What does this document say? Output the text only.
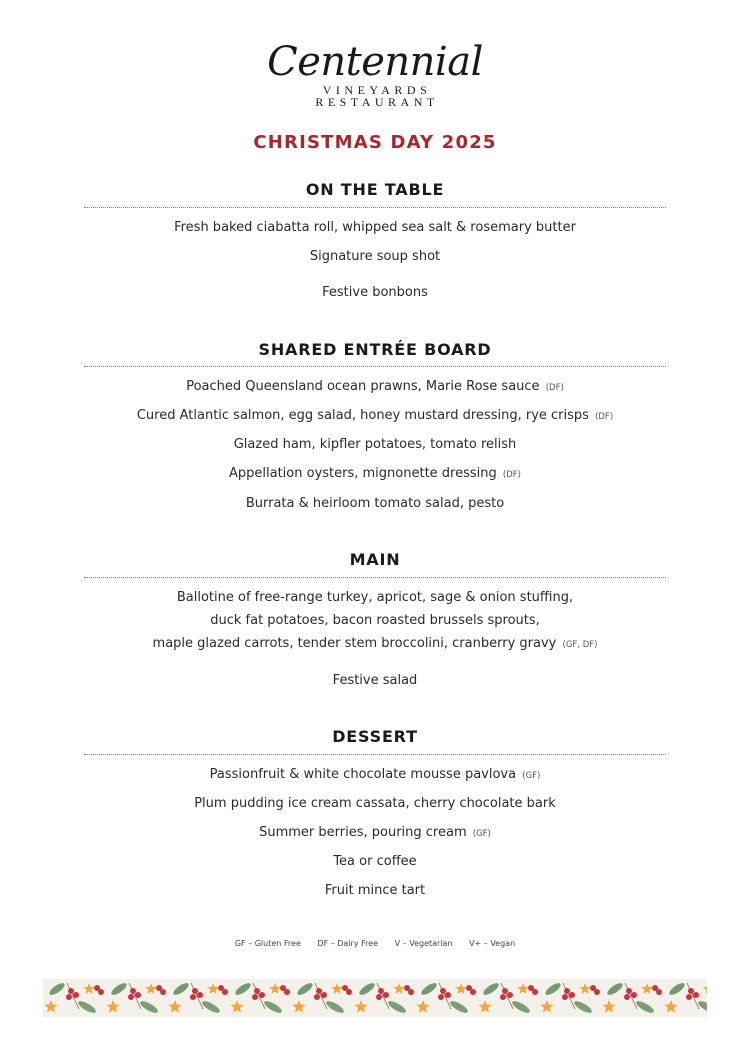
Centennial
VINEYARDS
RESTAURANT
CHRISTMAS DAY 2025
ON THE TABLE
Fresh baked ciabatta roll, whipped sea salt & rosemary butter
Signature soup shot
Festive bonbons
SHARED ENTRÉE BOARD
Poached Queensland ocean prawns, Marie Rose sauce (DF)
Cured Atlantic salmon, egg salad, honey mustard dressing, rye crisps (DF)
Glazed ham, kipfler potatoes, tomato relish
Appellation oysters, mignonette dressing (DF)
Burrata & heirloom tomato salad, pesto
MAIN
Ballotine of free-range turkey, apricot, sage & onion stuffing,
duck fat potatoes, bacon roasted brussels sprouts,
maple glazed carrots, tender stem broccolini, cranberry gravy (GF, DF)
Festive salad
DESSERT
Passionfruit & white chocolate mousse pavlova (GF)
Plum pudding ice cream cassata, cherry chocolate bark
Summer berries, pouring cream (GF)
Tea or coffee
Fruit mince tart
GF – Gluten Free DF – Dairy Free V – Vegetarian V+ – Vegan
